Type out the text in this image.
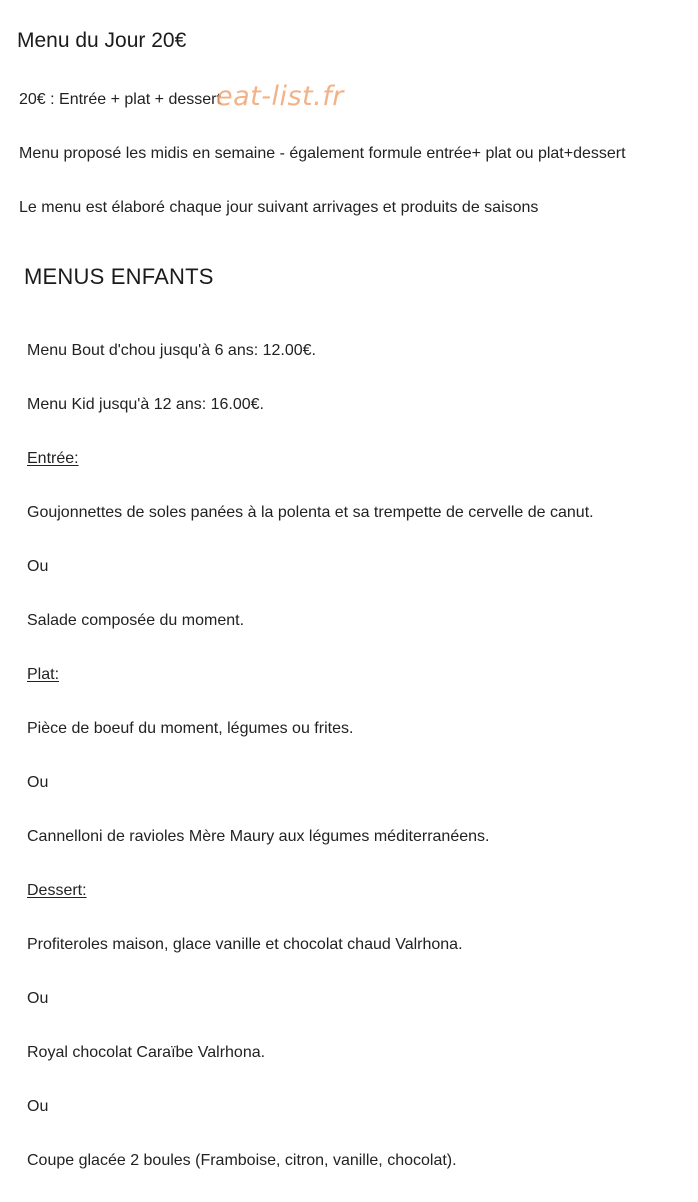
Menu du Jour 20€
20€ : Entrée + plat + dessert
eat-list.fr
Menu proposé les midis en semaine - également formule entrée+ plat ou plat+dessert
Le menu est élaboré chaque jour suivant arrivages et produits de saisons
MENUS ENFANTS
Menu Bout d'chou jusqu'à 6 ans: 12.00€.
Menu Kid jusqu'à 12 ans: 16.00€.
Entrée:
Goujonnettes de soles panées à la polenta et sa trempette de cervelle de canut.
Ou
Salade composée du moment.
Plat:
Pièce de boeuf du moment, légumes ou frites.
Ou
Cannelloni de ravioles Mère Maury aux légumes méditerranéens.
Dessert:
Profiteroles maison, glace vanille et chocolat chaud Valrhona.
Ou
Royal chocolat Caraïbe Valrhona.
Ou
Coupe glacée 2 boules (Framboise, citron, vanille, chocolat).
